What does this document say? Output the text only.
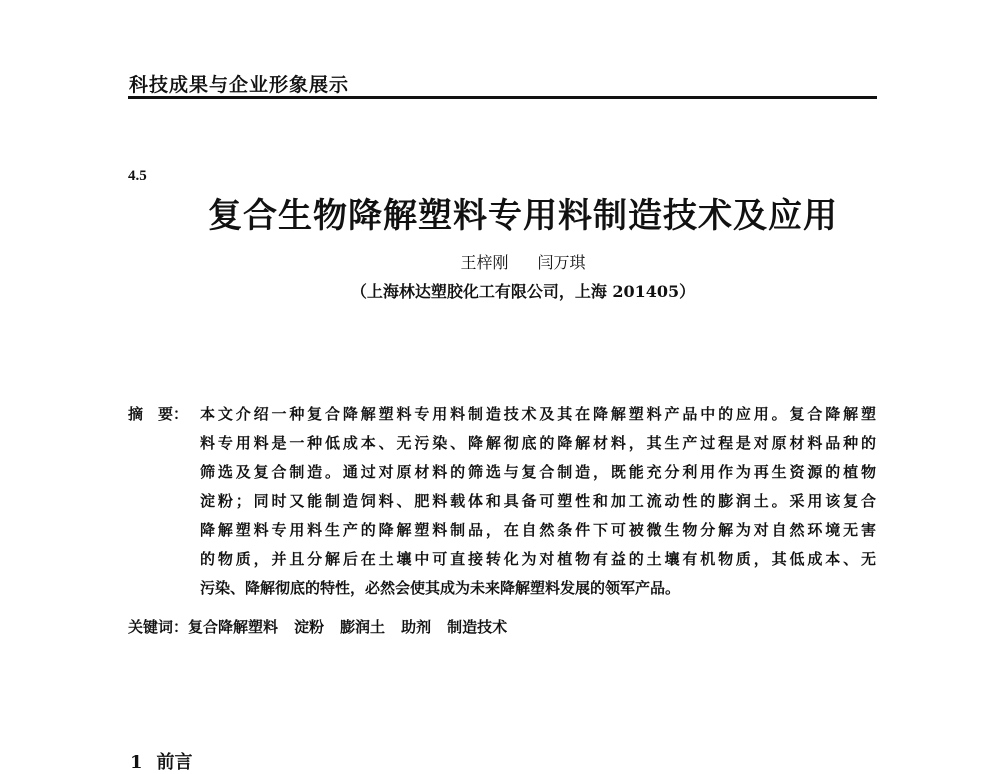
科技成果与企业形象展示
4.5
复合生物降解塑料专用料制造技术及应用
王梓刚 闫万琪
（上海林达塑胶化工有限公司，上海 201405）
摘　要： 本文介绍一种复合降解塑料专用料制造技术及其在降解塑料产品中的应用。复合降解塑
料专用料是一种低成本、无污染、降解彻底的降解材料，其生产过程是对原材料品种的
筛选及复合制造。通过对原材料的筛选与复合制造，既能充分利用作为再生资源的植物
淀粉；同时又能制造饲料、肥料载体和具备可塑性和加工流动性的膨润土。采用该复合
降解塑料专用料生产的降解塑料制品，在自然条件下可被微生物分解为对自然环境无害
的物质，并且分解后在土壤中可直接转化为对植物有益的土壤有机物质，其低成本、无
污染、降解彻底的特性，必然会使其成为未来降解塑料发展的领军产品。
关键词：复合降解塑料 淀粉 膨润土 助剂 制造技术
1 前言
